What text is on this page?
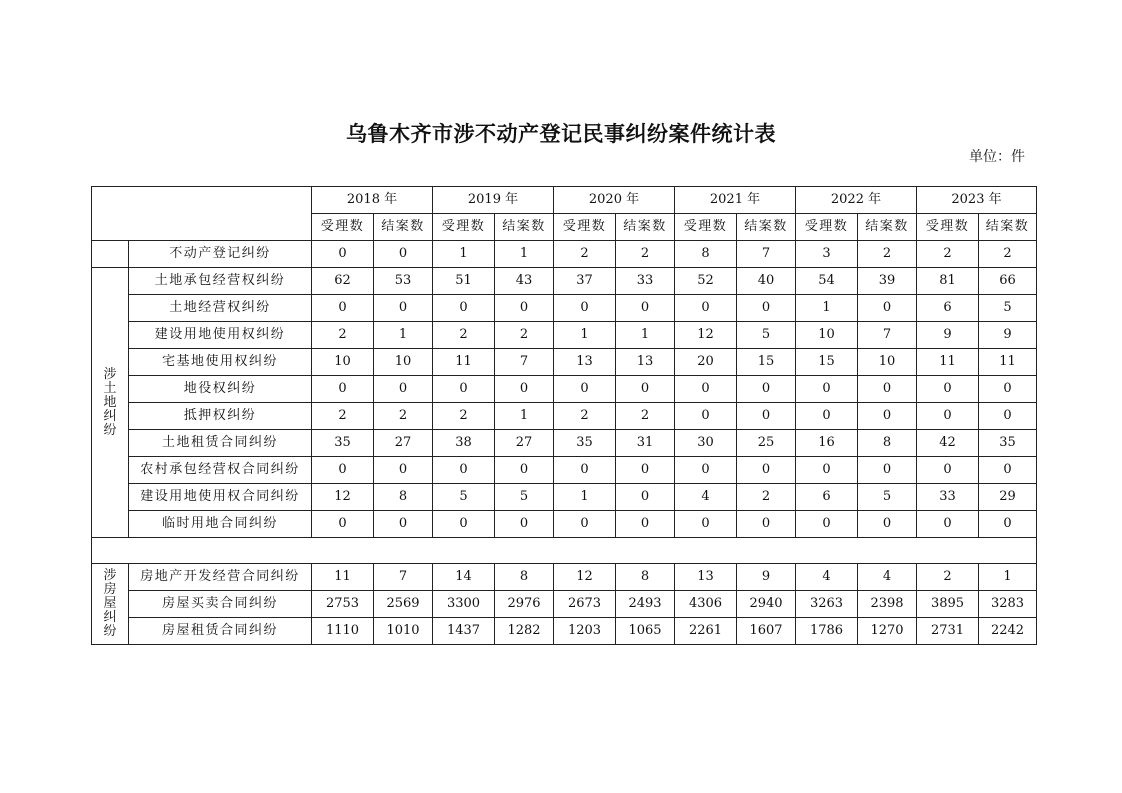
乌鲁木齐市涉不动产登记民事纠纷案件统计表
单位：件
		2018 年		2019 年		2020 年		2021 年		2022 年		2023 年	
		受理数	结案数	受理数	结案数	受理数	结案数	受理数	结案数	受理数	结案数	受理数	结案数
	不动产登记纠纷	0	0	1	1	2	2	8	7	3	2	2	2
涉土地纠纷	土地承包经营权纠纷	62	53	51	43	37	33	52	40	54	39	81	66
	土地经营权纠纷	0	0	0	0	0	0	0	0	1	0	6	5
	建设用地使用权纠纷	2	1	2	2	1	1	12	5	10	7	9	9
	宅基地使用权纠纷	10	10	11	7	13	13	20	15	15	10	11	11
	地役权纠纷	0	0	0	0	0	0	0	0	0	0	0	0
	抵押权纠纷	2	2	2	1	2	2	0	0	0	0	0	0
	土地租赁合同纠纷	35	27	38	27	35	31	30	25	16	8	42	35
	农村承包经营权合同纠纷	0	0	0	0	0	0	0	0	0	0	0	0
	建设用地使用权合同纠纷	12	8	5	5	1	0	4	2	6	5	33	29
	临时用地合同纠纷	0	0	0	0	0	0	0	0	0	0	0	0

涉房屋纠纷	房地产开发经营合同纠纷	11	7	14	8	12	8	13	9	4	4	2	1
	房屋买卖合同纠纷	2753	2569	3300	2976	2673	2493	4306	2940	3263	2398	3895	3283
	房屋租赁合同纠纷	1110	1010	1437	1282	1203	1065	2261	1607	1786	1270	2731	2242
